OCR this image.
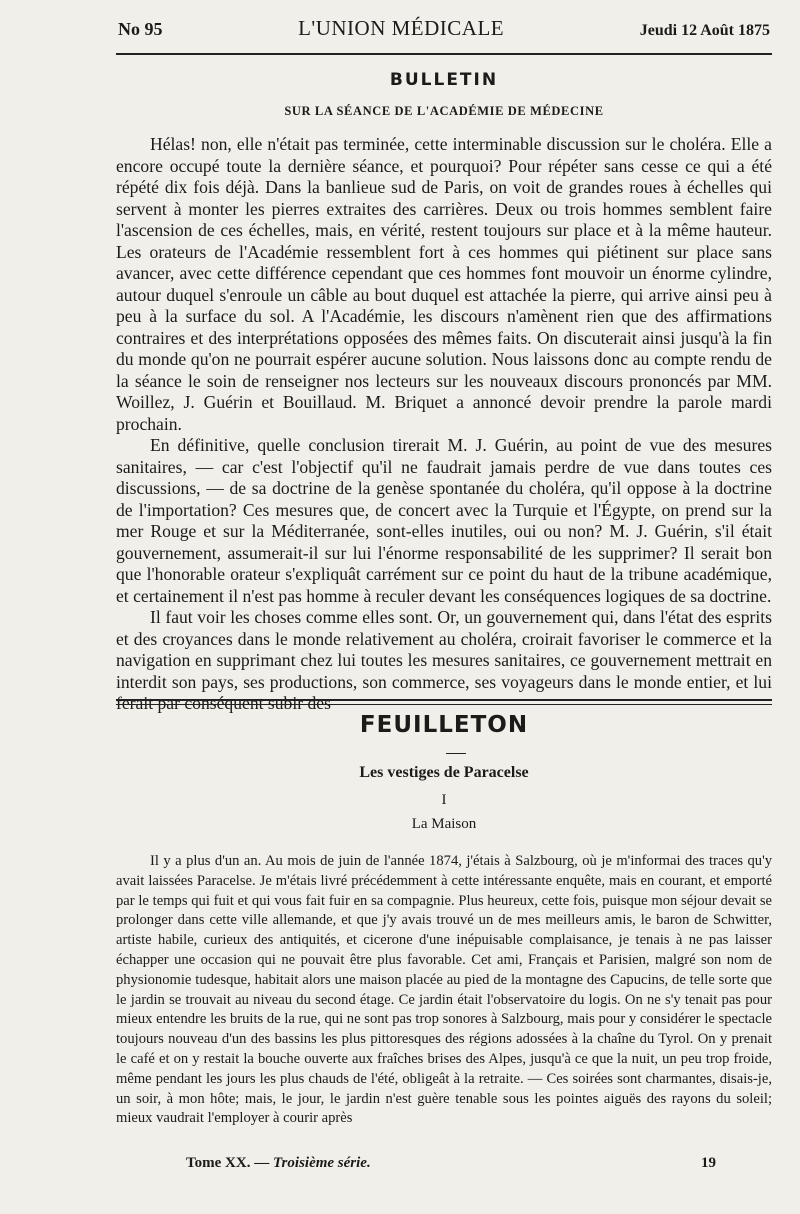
No 95	L'UNION MÉDICALE	Jeudi 12 Août 1875
BULLETIN
SUR LA SÉANCE DE L'ACADÉMIE DE MÉDECINE

Hélas! non, elle n'était pas terminée, cette interminable discussion sur le choléra. Elle a encore occupé toute la dernière séance, et pourquoi? Pour répéter sans cesse ce qui a été répété dix fois déjà. Dans la banlieue sud de Paris, on voit de grandes roues à échelles qui servent à monter les pierres extraites des carrières. Deux ou trois hommes semblent faire l'ascension de ces échelles, mais, en vérité, restent toujours sur place et à la même hauteur. Les orateurs de l'Académie ressemblent fort à ces hommes qui piétinent sur place sans avancer, avec cette différence cependant que ces hommes font mouvoir un énorme cylindre, autour duquel s'enroule un câble au bout duquel est attachée la pierre, qui arrive ainsi peu à peu à la surface du sol. A l'Académie, les discours n'amènent rien que des affirmations contraires et des interprétations opposées des mêmes faits. On discuterait ainsi jusqu'à la fin du monde qu'on ne pourrait espérer aucune solution. Nous laissons donc au compte rendu de la séance le soin de renseigner nos lecteurs sur les nouveaux discours prononcés par MM. Woillez, J. Guérin et Bouillaud. M. Briquet a annoncé devoir prendre la parole mardi prochain.

En définitive, quelle conclusion tirerait M. J. Guérin, au point de vue des mesures sanitaires, — car c'est l'objectif qu'il ne faudrait jamais perdre de vue dans toutes ces discussions, — de sa doctrine de la genèse spontanée du choléra, qu'il oppose à la doctrine de l'importation? Ces mesures que, de concert avec la Turquie et l'Égypte, on prend sur la mer Rouge et sur la Méditerranée, sont-elles inutiles, oui ou non? M. J. Guérin, s'il était gouvernement, assumerait-il sur lui l'énorme responsabilité de les supprimer? Il serait bon que l'honorable orateur s'expliquât carrément sur ce point du haut de la tribune académique, et certainement il n'est pas homme à reculer devant les conséquences logiques de sa doctrine.

Il faut voir les choses comme elles sont. Or, un gouvernement qui, dans l'état des esprits et des croyances dans le monde relativement au choléra, croirait favoriser le commerce et la navigation en supprimant chez lui toutes les mesures sanitaires, ce gouvernement mettrait en interdit son pays, ses productions, son commerce, ses voyageurs dans le monde entier, et lui ferait par conséquent subir des

FEUILLETON
Les vestiges de Paracelse
I
La Maison

Il y a plus d'un an. Au mois de juin de l'année 1874, j'étais à Salzbourg, où je m'informai des traces qu'y avait laissées Paracelse. Je m'étais livré précédemment à cette intéressante enquête, mais en courant, et emporté par le temps qui fuit et qui vous fait fuir en sa compagnie. Plus heureux, cette fois, puisque mon séjour devait se prolonger dans cette ville allemande, et que j'y avais trouvé un de mes meilleurs amis, le baron de Schwitter, artiste habile, curieux des antiquités, et cicerone d'une inépuisable complaisance, je tenais à ne pas laisser échapper une occasion qui ne pouvait être plus favorable. Cet ami, Français et Parisien, malgré son nom de physionomie tudesque, habitait alors une maison placée au pied de la montagne des Capucins, de telle sorte que le jardin se trouvait au niveau du second étage. Ce jardin était l'observatoire du logis. On ne s'y tenait pas pour mieux entendre les bruits de la rue, qui ne sont pas trop sonores à Salzbourg, mais pour y considérer le spectacle toujours nouveau d'un des bassins les plus pittoresques des régions adossées à la chaîne du Tyrol. On y prenait le café et on y restait la bouche ouverte aux fraîches brises des Alpes, jusqu'à ce que la nuit, un peu trop froide, même pendant les jours les plus chauds de l'été, obligeât à la retraite. — Ces soirées sont charmantes, disais-je, un soir, à mon hôte; mais, le jour, le jardin n'est guère tenable sous les pointes aiguës des rayons du soleil; mieux vaudrait l'employer à courir après

Tome XX. — Troisième série.	19
